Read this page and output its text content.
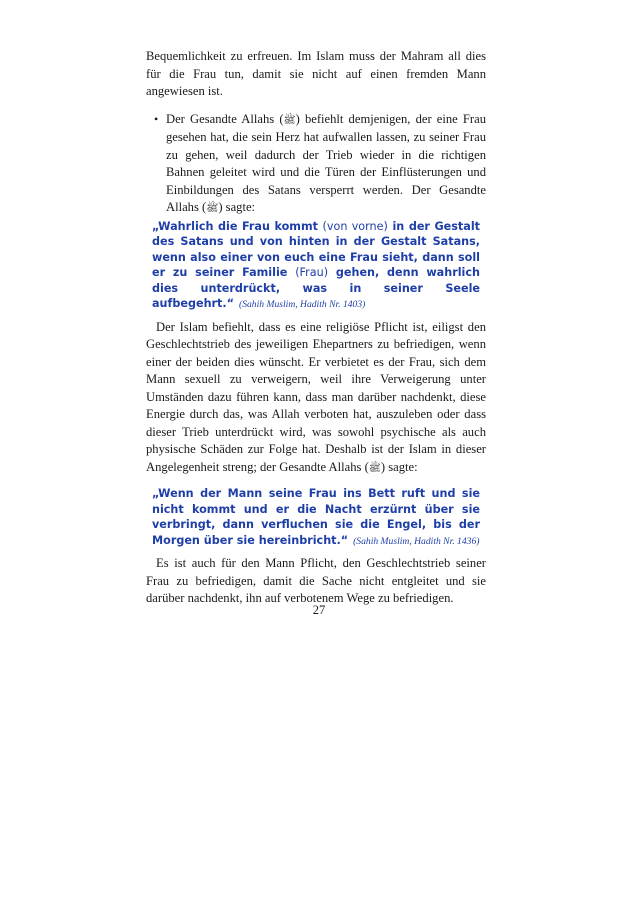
Bequemlichkeit zu erfreuen. Im Islam muss der Mahram all dies für die Frau tun, damit sie nicht auf einen fremden Mann angewiesen ist.

• Der Gesandte Allahs (ﷺ) befiehlt demjenigen, der eine Frau gesehen hat, die sein Herz hat aufwallen lassen, zu seiner Frau zu gehen, weil dadurch der Trieb wieder in die richtigen Bahnen geleitet wird und die Türen der Einflüsterungen und Einbildungen des Satans versperrt werden. Der Gesandte Allahs (ﷺ) sagte:

„Wahrlich die Frau kommt (von vorne) in der Gestalt des Satans und von hinten in der Gestalt Satans, wenn also einer von euch eine Frau sieht, dann soll er zu seiner Familie (Frau) gehen, denn wahrlich dies unterdrückt, was in seiner Seele aufbegehrt.“ (Sahih Muslim, Hadith Nr. 1403)

Der Islam befiehlt, dass es eine religiöse Pflicht ist, eiligst den Geschlechtstrieb des jeweiligen Ehepartners zu befriedigen, wenn einer der beiden dies wünscht. Er verbietet es der Frau, sich dem Mann sexuell zu verweigern, weil ihre Verweigerung unter Umständen dazu führen kann, dass man darüber nachdenkt, diese Energie durch das, was Allah verboten hat, auszuleben oder dass dieser Trieb unterdrückt wird, was sowohl psychische als auch physische Schäden zur Folge hat. Deshalb ist der Islam in dieser Angelegenheit streng; der Gesandte Allahs (ﷺ) sagte:

„Wenn der Mann seine Frau ins Bett ruft und sie nicht kommt und er die Nacht erzürnt über sie verbringt, dann verfluchen sie die Engel, bis der Morgen über sie hereinbricht.“ (Sahih Muslim, Hadith Nr. 1436)

Es ist auch für den Mann Pflicht, den Geschlechtstrieb seiner Frau zu befriedigen, damit die Sache nicht entgleitet und sie darüber nachdenkt, ihn auf verbotenem Wege zu befriedigen.

27
